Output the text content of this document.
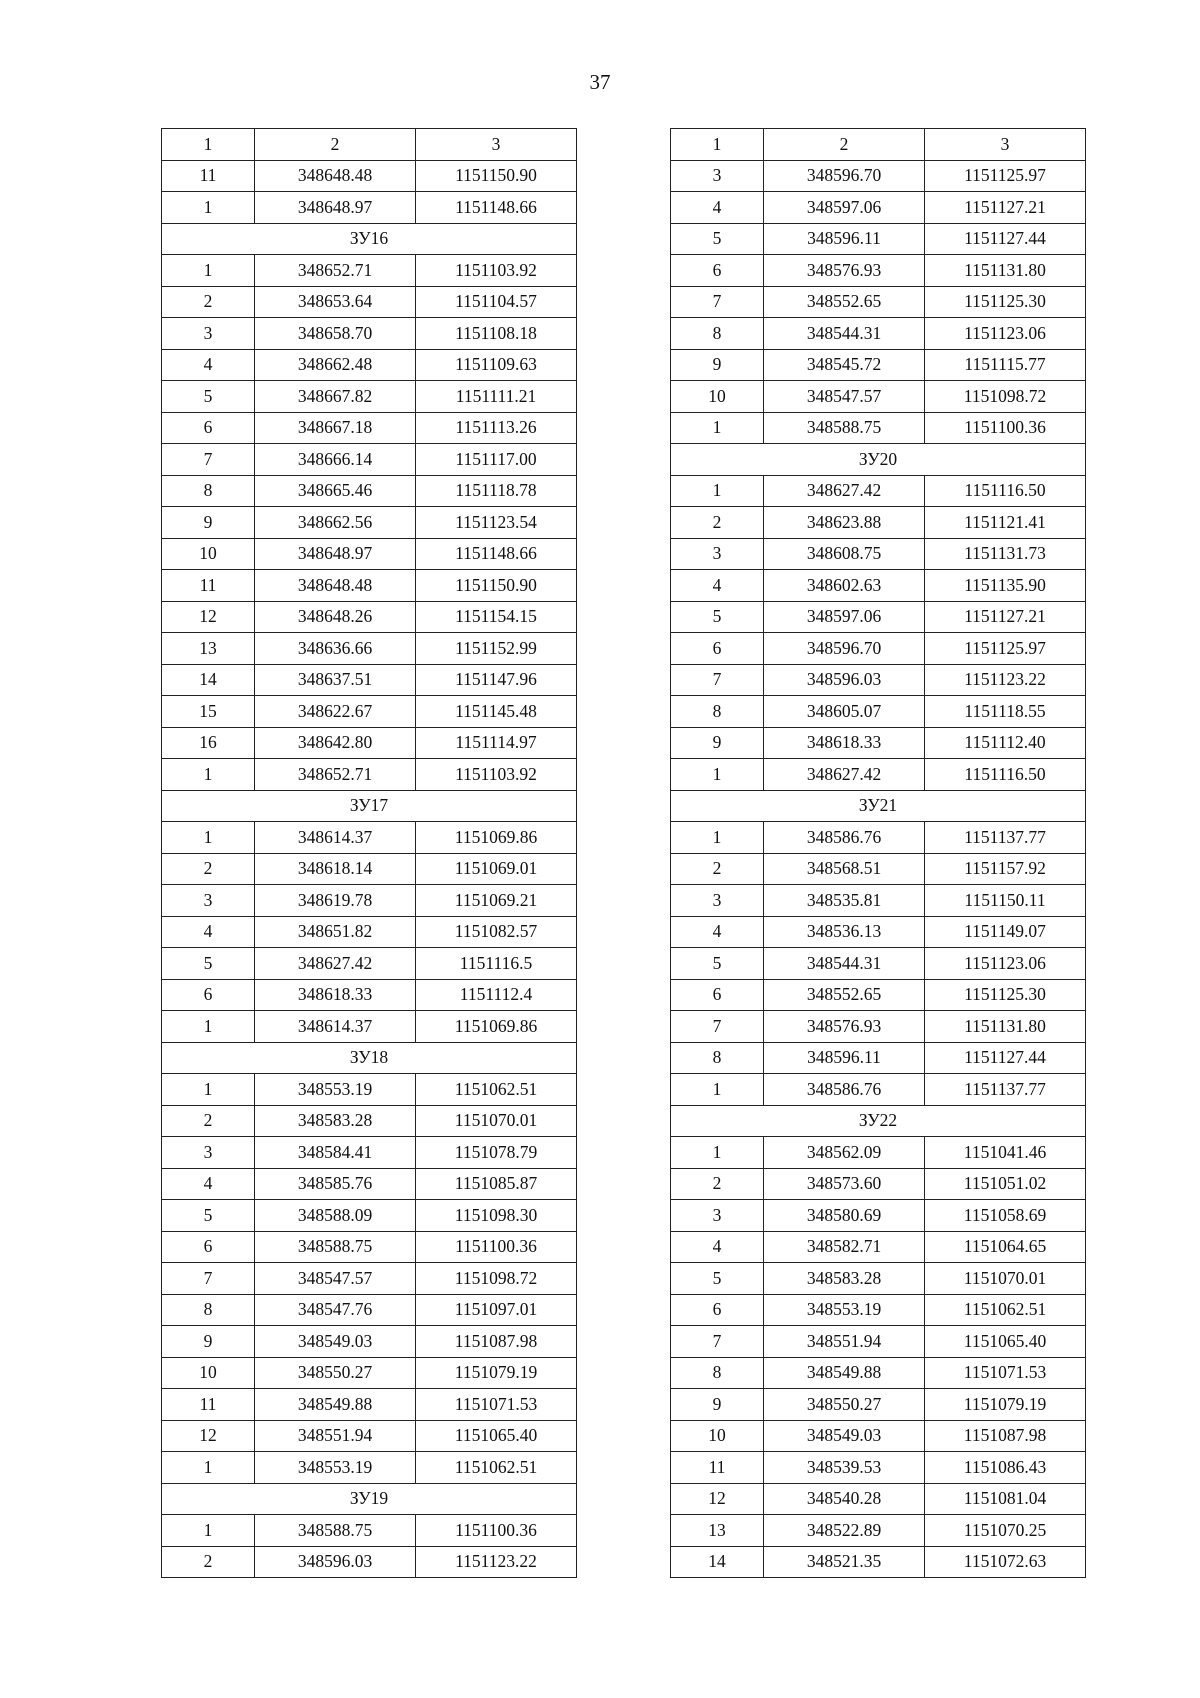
37
1	2	3
11	348648.48	1151150.90
1	348648.97	1151148.66
ЗУ16		
1	348652.71	1151103.92
2	348653.64	1151104.57
3	348658.70	1151108.18
4	348662.48	1151109.63
5	348667.82	1151111.21
6	348667.18	1151113.26
7	348666.14	1151117.00
8	348665.46	1151118.78
9	348662.56	1151123.54
10	348648.97	1151148.66
11	348648.48	1151150.90
12	348648.26	1151154.15
13	348636.66	1151152.99
14	348637.51	1151147.96
15	348622.67	1151145.48
16	348642.80	1151114.97
1	348652.71	1151103.92
ЗУ17		
1	348614.37	1151069.86
2	348618.14	1151069.01
3	348619.78	1151069.21
4	348651.82	1151082.57
5	348627.42	1151116.5
6	348618.33	1151112.4
1	348614.37	1151069.86
ЗУ18		
1	348553.19	1151062.51
2	348583.28	1151070.01
3	348584.41	1151078.79
4	348585.76	1151085.87
5	348588.09	1151098.30
6	348588.75	1151100.36
7	348547.57	1151098.72
8	348547.76	1151097.01
9	348549.03	1151087.98
10	348550.27	1151079.19
11	348549.88	1151071.53
12	348551.94	1151065.40
1	348553.19	1151062.51
ЗУ19		
1	348588.75	1151100.36
2	348596.03	1151123.22
1	2	3
3	348596.70	1151125.97
4	348597.06	1151127.21
5	348596.11	1151127.44
6	348576.93	1151131.80
7	348552.65	1151125.30
8	348544.31	1151123.06
9	348545.72	1151115.77
10	348547.57	1151098.72
1	348588.75	1151100.36
ЗУ20		
1	348627.42	1151116.50
2	348623.88	1151121.41
3	348608.75	1151131.73
4	348602.63	1151135.90
5	348597.06	1151127.21
6	348596.70	1151125.97
7	348596.03	1151123.22
8	348605.07	1151118.55
9	348618.33	1151112.40
1	348627.42	1151116.50
ЗУ21		
1	348586.76	1151137.77
2	348568.51	1151157.92
3	348535.81	1151150.11
4	348536.13	1151149.07
5	348544.31	1151123.06
6	348552.65	1151125.30
7	348576.93	1151131.80
8	348596.11	1151127.44
1	348586.76	1151137.77
ЗУ22		
1	348562.09	1151041.46
2	348573.60	1151051.02
3	348580.69	1151058.69
4	348582.71	1151064.65
5	348583.28	1151070.01
6	348553.19	1151062.51
7	348551.94	1151065.40
8	348549.88	1151071.53
9	348550.27	1151079.19
10	348549.03	1151087.98
11	348539.53	1151086.43
12	348540.28	1151081.04
13	348522.89	1151070.25
14	348521.35	1151072.63
